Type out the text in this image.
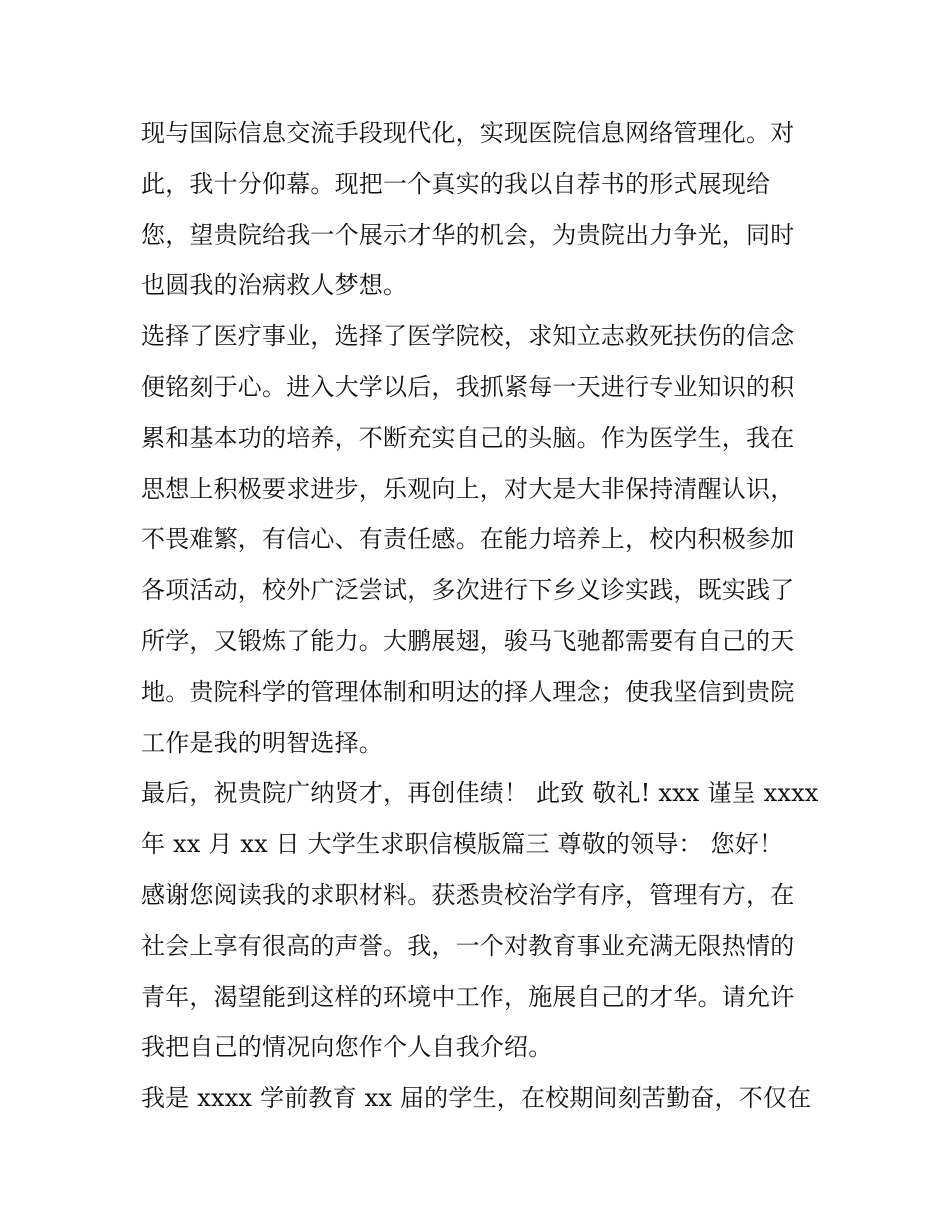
现与国际信息交流手段现代化，实现医院信息网络管理化。对
此，我十分仰幕。现把一个真实的我以自荐书的形式展现给
您，望贵院给我一个展示才华的机会，为贵院出力争光，同时
也圆我的治病救人梦想。
选择了医疗事业，选择了医学院校，求知立志救死扶伤的信念
便铭刻于心。进入大学以后，我抓紧每一天进行专业知识的积
累和基本功的培养，不断充实自己的头脑。作为医学生，我在
思想上积极要求进步，乐观向上，对大是大非保持清醒认识，
不畏难繁，有信心、有责任感。在能力培养上，校内积极参加
各项活动，校外广泛尝试，多次进行下乡义诊实践，既实践了
所学，又锻炼了能力。大鹏展翅，骏马飞驰都需要有自己的天
地。贵院科学的管理体制和明达的择人理念；使我坚信到贵院
工作是我的明智选择。
最后，祝贵院广纳贤才，再创佳绩！ 此致 敬礼! xxx 谨呈 xxxx
年 xx 月 xx 日 大学生求职信模版篇三 尊敬的领导： 您好！
感谢您阅读我的求职材料。获悉贵校治学有序，管理有方，在
社会上享有很高的声誉。我，一个对教育事业充满无限热情的
青年，渴望能到这样的环境中工作，施展自己的才华。请允许
我把自己的情况向您作个人自我介绍。
我是 xxxx 学前教育 xx 届的学生，在校期间刻苦勤奋，不仅在
